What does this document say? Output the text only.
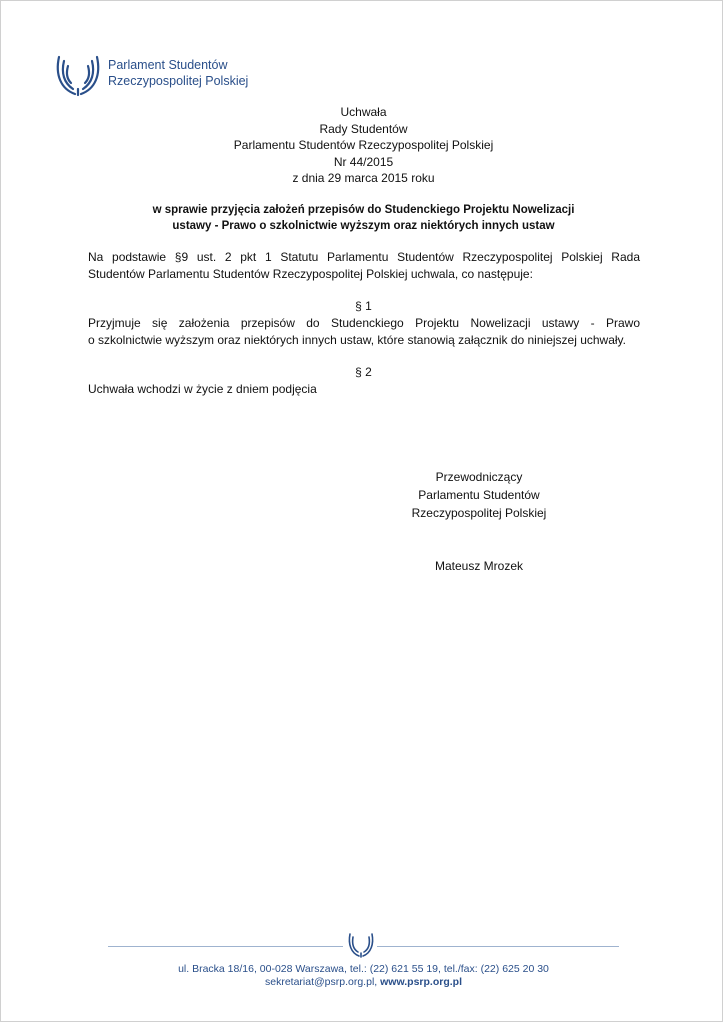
Parlament Studentów
Rzeczypospolitej Polskiej
Uchwała
Rady Studentów
Parlamentu Studentów Rzeczypospolitej Polskiej
Nr 44/2015
z dnia 29 marca 2015 roku
w sprawie przyjęcia założeń przepisów do Studenckiego Projektu Nowelizacji
ustawy - Prawo o szkolnictwie wyższym oraz niektórych innych ustaw
Na podstawie §9 ust. 2 pkt 1 Statutu Parlamentu Studentów Rzeczypospolitej Polskiej Rada
Studentów Parlamentu Studentów Rzeczypospolitej Polskiej uchwala, co następuje:
§ 1
Przyjmuje się założenia przepisów do Studenckiego Projektu Nowelizacji ustawy - Prawo
o szkolnictwie wyższym oraz niektórych innych ustaw, które stanowią załącznik do niniejszej uchwały.
§ 2
Uchwała wchodzi w życie z dniem podjęcia
Przewodniczący
Parlamentu Studentów
Rzeczypospolitej Polskiej
Mateusz Mrozek
ul. Bracka 18/16, 00-028 Warszawa, tel.: (22) 621 55 19, tel./fax: (22) 625 20 30
sekretariat@psrp.org.pl, www.psrp.org.pl
